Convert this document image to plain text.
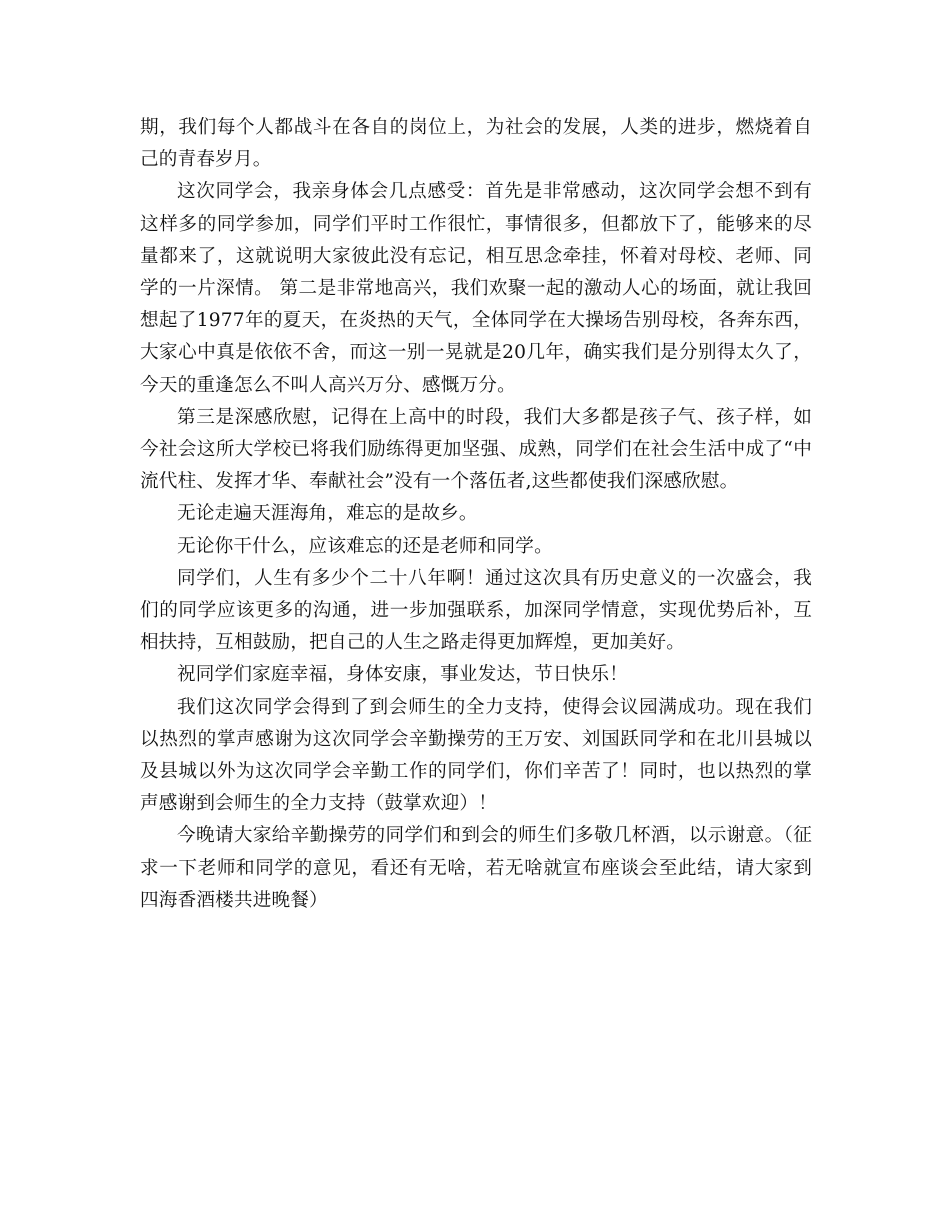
期，我们每个人都战斗在各自的岗位上，为社会的发展，人类的进步，燃烧着自己的青春岁月。

这次同学会，我亲身体会几点感受：首先是非常感动，这次同学会想不到有这样多的同学参加，同学们平时工作很忙，事情很多，但都放下了，能够来的尽量都来了，这就说明大家彼此没有忘记，相互思念牵挂，怀着对母校、老师、同学的一片深情。 第二是非常地高兴，我们欢聚一起的激动人心的场面，就让我回想起了1977年的夏天，在炎热的天气，全体同学在大操场告别母校，各奔东西，大家心中真是依依不舍，而这一别一晃就是20几年，确实我们是分别得太久了，今天的重逢怎么不叫人高兴万分、感慨万分。

第三是深感欣慰，记得在上高中的时段，我们大多都是孩子气、孩子样，如今社会这所大学校已将我们励练得更加坚强、成熟，同学们在社会生活中成了“中流代柱、发挥才华、奉献社会”没有一个落伍者,这些都使我们深感欣慰。

无论走遍天涯海角，难忘的是故乡。

无论你干什么，应该难忘的还是老师和同学。

同学们，人生有多少个二十八年啊！通过这次具有历史意义的一次盛会，我们的同学应该更多的沟通，进一步加强联系，加深同学情意，实现优势后补，互相扶持，互相鼓励，把自己的人生之路走得更加辉煌，更加美好。

祝同学们家庭幸福，身体安康，事业发达，节日快乐！

我们这次同学会得到了到会师生的全力支持，使得会议园满成功。现在我们以热烈的掌声感谢为这次同学会辛勤操劳的王万安、刘国跃同学和在北川县城以及县城以外为这次同学会辛勤工作的同学们，你们辛苦了！同时，也以热烈的掌声感谢到会师生的全力支持（鼓掌欢迎）！

今晚请大家给辛勤操劳的同学们和到会的师生们多敬几杯酒，以示谢意。（征求一下老师和同学的意见，看还有无啥，若无啥就宣布座谈会至此结，请大家到四海香酒楼共进晚餐）
